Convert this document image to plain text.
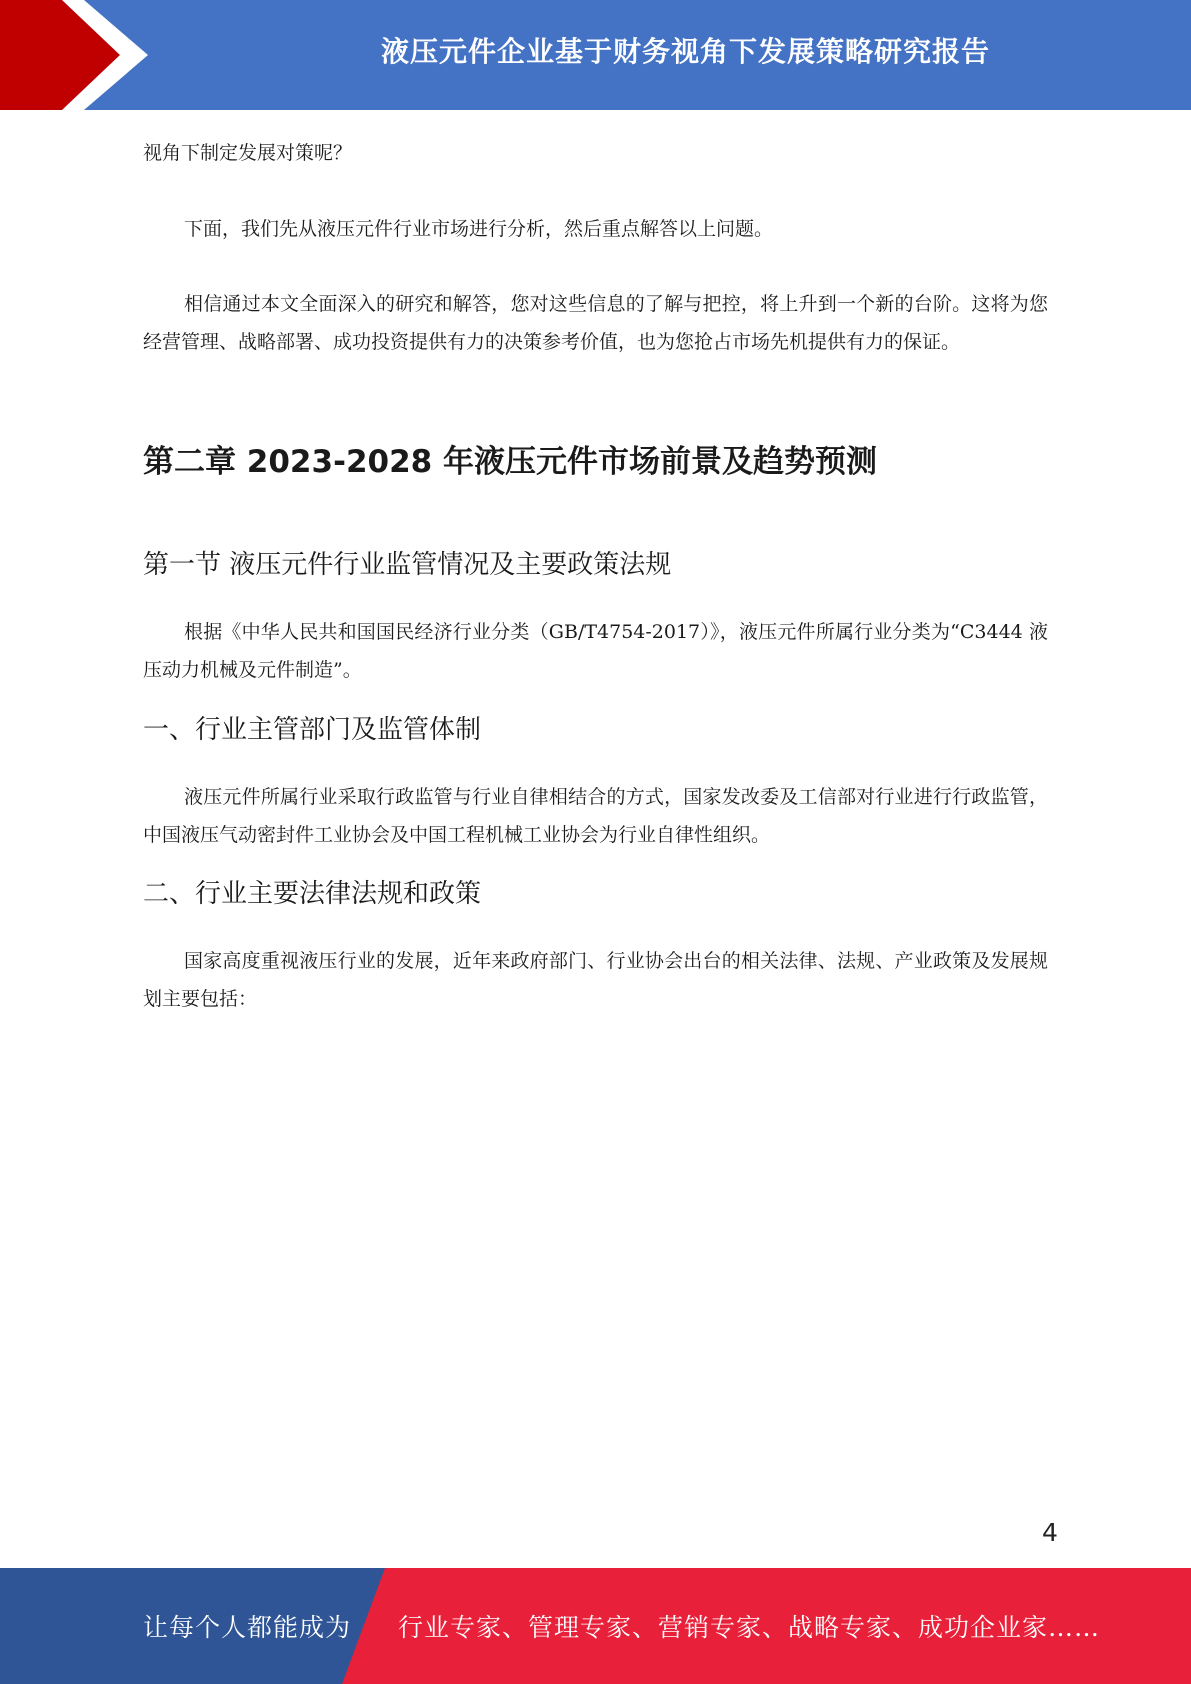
液压元件企业基于财务视角下发展策略研究报告

视角下制定发展对策呢？

下面，我们先从液压元件行业市场进行分析，然后重点解答以上问题。

相信通过本文全面深入的研究和解答，您对这些信息的了解与把控，将上升到一个新的台阶。这将为您经营管理、战略部署、成功投资提供有力的决策参考价值，也为您抢占市场先机提供有力的保证。

第二章 2023-2028 年液压元件市场前景及趋势预测
第一节 液压元件行业监管情况及主要政策法规

根据《中华人民共和国国民经济行业分类（GB/T4754-2017）》，液压元件所属行业分类为“C3444 液压动力机械及元件制造”。

一、行业主管部门及监管体制

液压元件所属行业采取行政监管与行业自律相结合的方式，国家发改委及工信部对行业进行行政监管，中国液压气动密封件工业协会及中国工程机械工业协会为行业自律性组织。

二、行业主要法律法规和政策

国家高度重视液压行业的发展，近年来政府部门、行业协会出台的相关法律、法规、产业政策及发展规划主要包括：

4
让每个人都能成为 行业专家、管理专家、营销专家、战略专家、成功企业家……
